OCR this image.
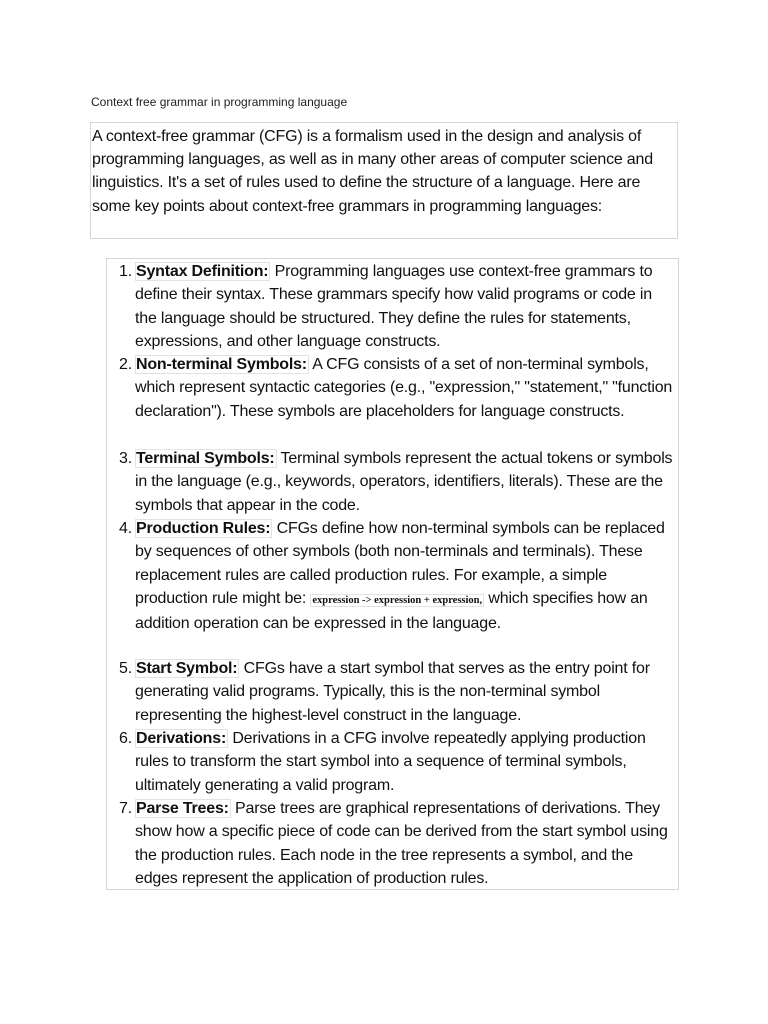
Context free grammar in programming language
A context-free grammar (CFG) is a formalism used in the design and analysis of programming languages, as well as in many other areas of computer science and linguistics. It's a set of rules used to define the structure of a language. Here are some key points about context-free grammars in programming languages:
1. Syntax Definition: Programming languages use context-free grammars to define their syntax. These grammars specify how valid programs or code in the language should be structured. They define the rules for statements, expressions, and other language constructs.
2. Non-terminal Symbols: A CFG consists of a set of non-terminal symbols, which represent syntactic categories (e.g., "expression," "statement," "function declaration"). These symbols are placeholders for language constructs.
3. Terminal Symbols: Terminal symbols represent the actual tokens or symbols in the language (e.g., keywords, operators, identifiers, literals). These are the symbols that appear in the code.
4. Production Rules: CFGs define how non-terminal symbols can be replaced by sequences of other symbols (both non-terminals and terminals). These replacement rules are called production rules. For example, a simple production rule might be: expression -> expression + expression, which specifies how an addition operation can be expressed in the language.
5. Start Symbol: CFGs have a start symbol that serves as the entry point for generating valid programs. Typically, this is the non-terminal symbol representing the highest-level construct in the language.
6. Derivations: Derivations in a CFG involve repeatedly applying production rules to transform the start symbol into a sequence of terminal symbols, ultimately generating a valid program.
7. Parse Trees: Parse trees are graphical representations of derivations. They show how a specific piece of code can be derived from the start symbol using the production rules. Each node in the tree represents a symbol, and the edges represent the application of production rules.
